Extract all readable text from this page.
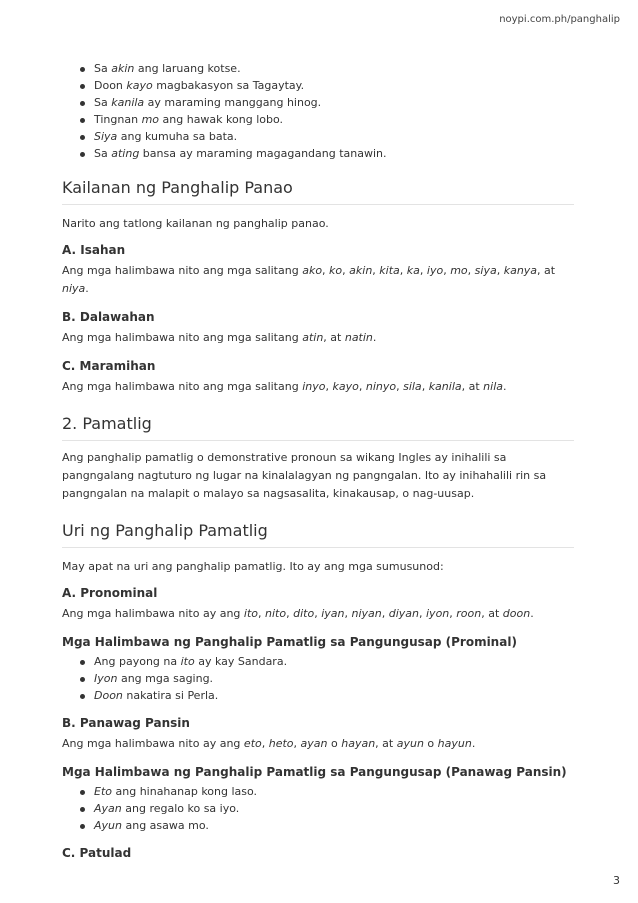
noypi.com.ph/panghalip
Sa akin ang laruang kotse.
Doon kayo magbakasyon sa Tagaytay.
Sa kanila ay maraming manggang hinog.
Tingnan mo ang hawak kong lobo.
Siya ang kumuha sa bata.
Sa ating bansa ay maraming magagandang tanawin.
Kailanan ng Panghalip Panao

Narito ang tatlong kailanan ng panghalip panao.

A. Isahan

Ang mga halimbawa nito ang mga salitang ako, ko, akin, kita, ka, iyo, mo, siya, kanya, at niya.

B. Dalawahan

Ang mga halimbawa nito ang mga salitang atin, at natin.

C. Maramihan

Ang mga halimbawa nito ang mga salitang inyo, kayo, ninyo, sila, kanila, at nila.

2. Pamatlig

Ang panghalip pamatlig o demonstrative pronoun sa wikang Ingles ay inihalili sa pangngalang nagtuturo ng lugar na kinalalagyan ng pangngalan. Ito ay inihahalili rin sa pangngalan na malapit o malayo sa nagsasalita, kinakausap, o nag-uusap.

Uri ng Panghalip Pamatlig

May apat na uri ang panghalip pamatlig. Ito ay ang mga sumusunod:

A. Pronominal

Ang mga halimbawa nito ay ang ito, nito, dito, iyan, niyan, diyan, iyon, roon, at doon.

Mga Halimbawa ng Panghalip Pamatlig sa Pangungusap (Prominal)
Ang payong na ito ay kay Sandara.
Iyon ang mga saging.
Doon nakatira si Perla.
B. Panawag Pansin

Ang mga halimbawa nito ay ang eto, heto, ayan o hayan, at ayun o hayun.

Mga Halimbawa ng Panghalip Pamatlig sa Pangungusap (Panawag Pansin)
Eto ang hinahanap kong laso.
Ayan ang regalo ko sa iyo.
Ayun ang asawa mo.
C. Patulad
3
